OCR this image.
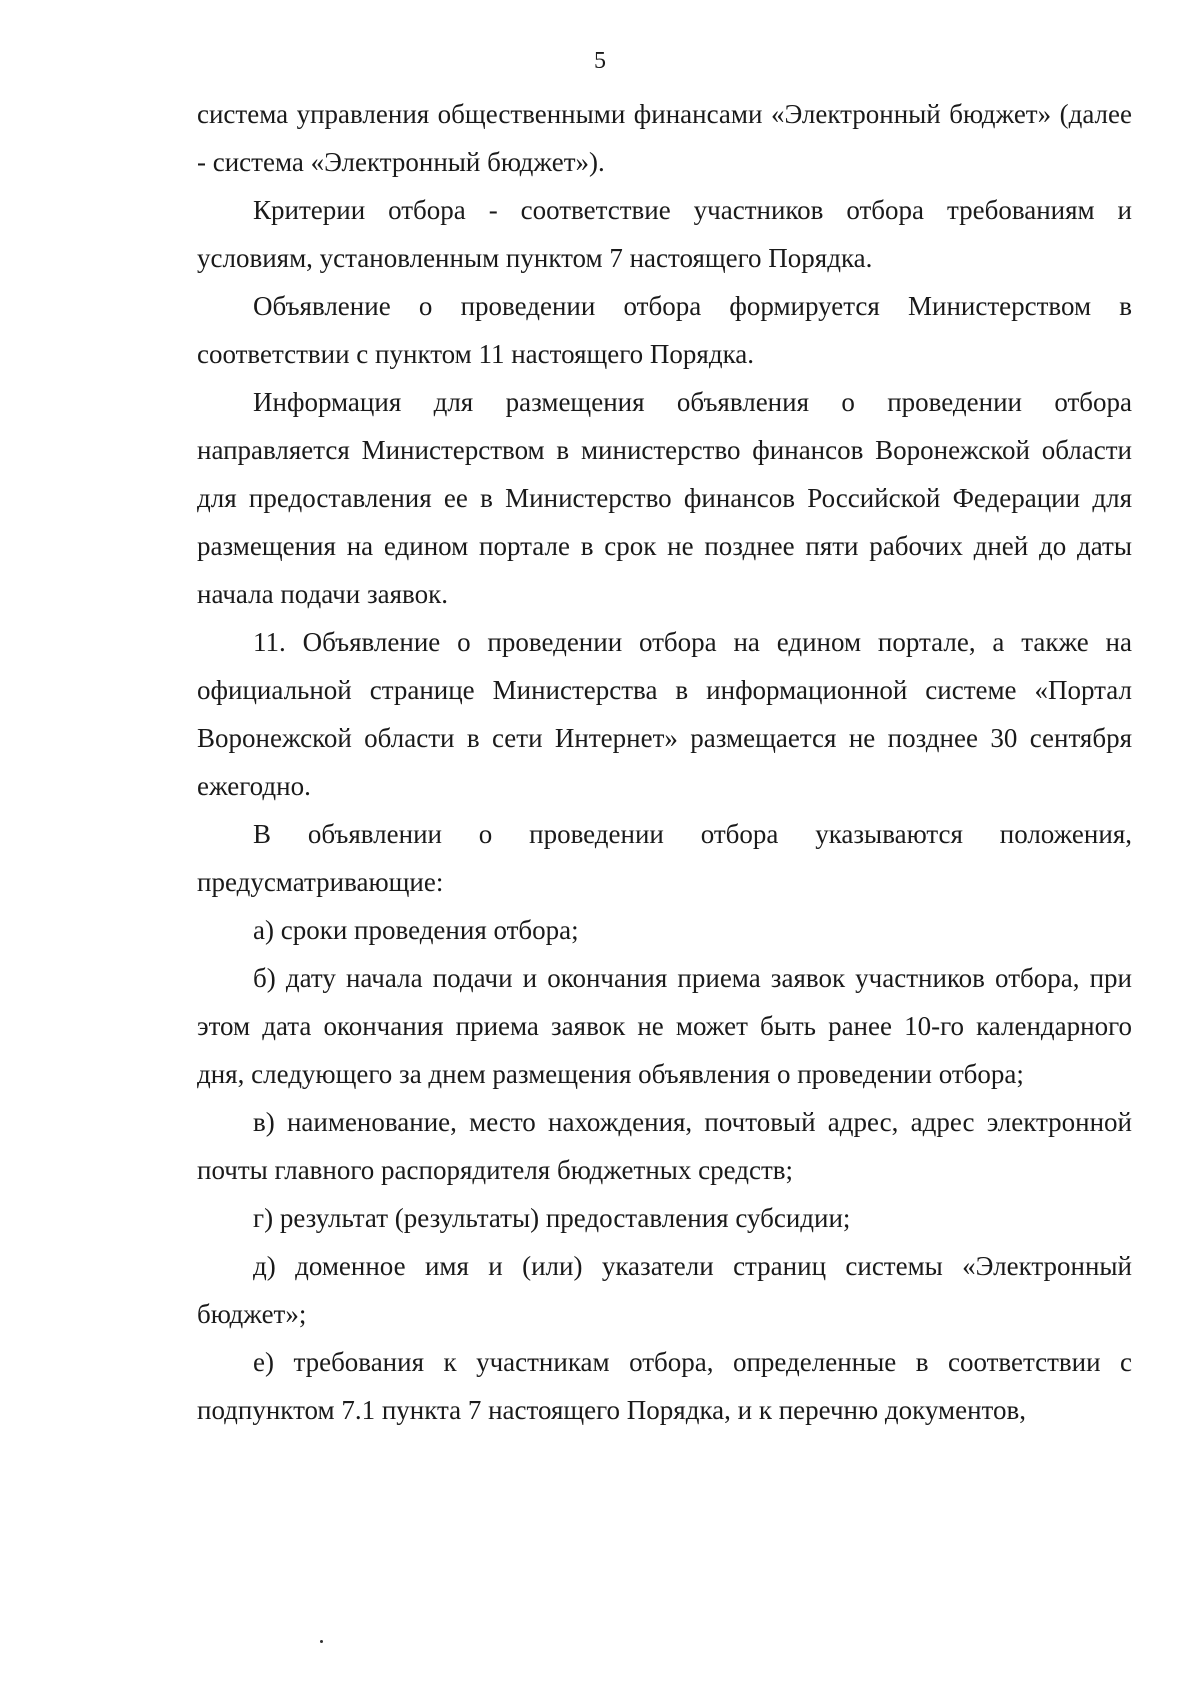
5

система управления общественными финансами «Электронный бюджет» (далее - система «Электронный бюджет»).

Критерии отбора - соответствие участников отбора требованиям и условиям, установленным пунктом 7 настоящего Порядка.

Объявление о проведении отбора формируется Министерством в соответствии с пунктом 11 настоящего Порядка.

Информация для размещения объявления о проведении отбора направляется Министерством в министерство финансов Воронежской области для предоставления ее в Министерство финансов Российской Федерации для размещения на едином портале в срок не позднее пяти рабочих дней до даты начала подачи заявок.

11. Объявление о проведении отбора на едином портале, а также на официальной странице Министерства в информационной системе «Портал Воронежской области в сети Интернет» размещается не позднее 30 сентября ежегодно.

В объявлении о проведении отбора указываются положения, предусматривающие:

а) сроки проведения отбора;

б) дату начала подачи и окончания приема заявок участников отбора, при этом дата окончания приема заявок не может быть ранее 10-го календарного дня, следующего за днем размещения объявления о проведении отбора;

в) наименование, место нахождения, почтовый адрес, адрес электронной почты главного распорядителя бюджетных средств;

г) результат (результаты) предоставления субсидии;

д) доменное имя и (или) указатели страниц системы «Электронный бюджет»;

е) требования к участникам отбора, определенные в соответствии с подпунктом 7.1 пункта 7 настоящего Порядка, и к перечню документов,
